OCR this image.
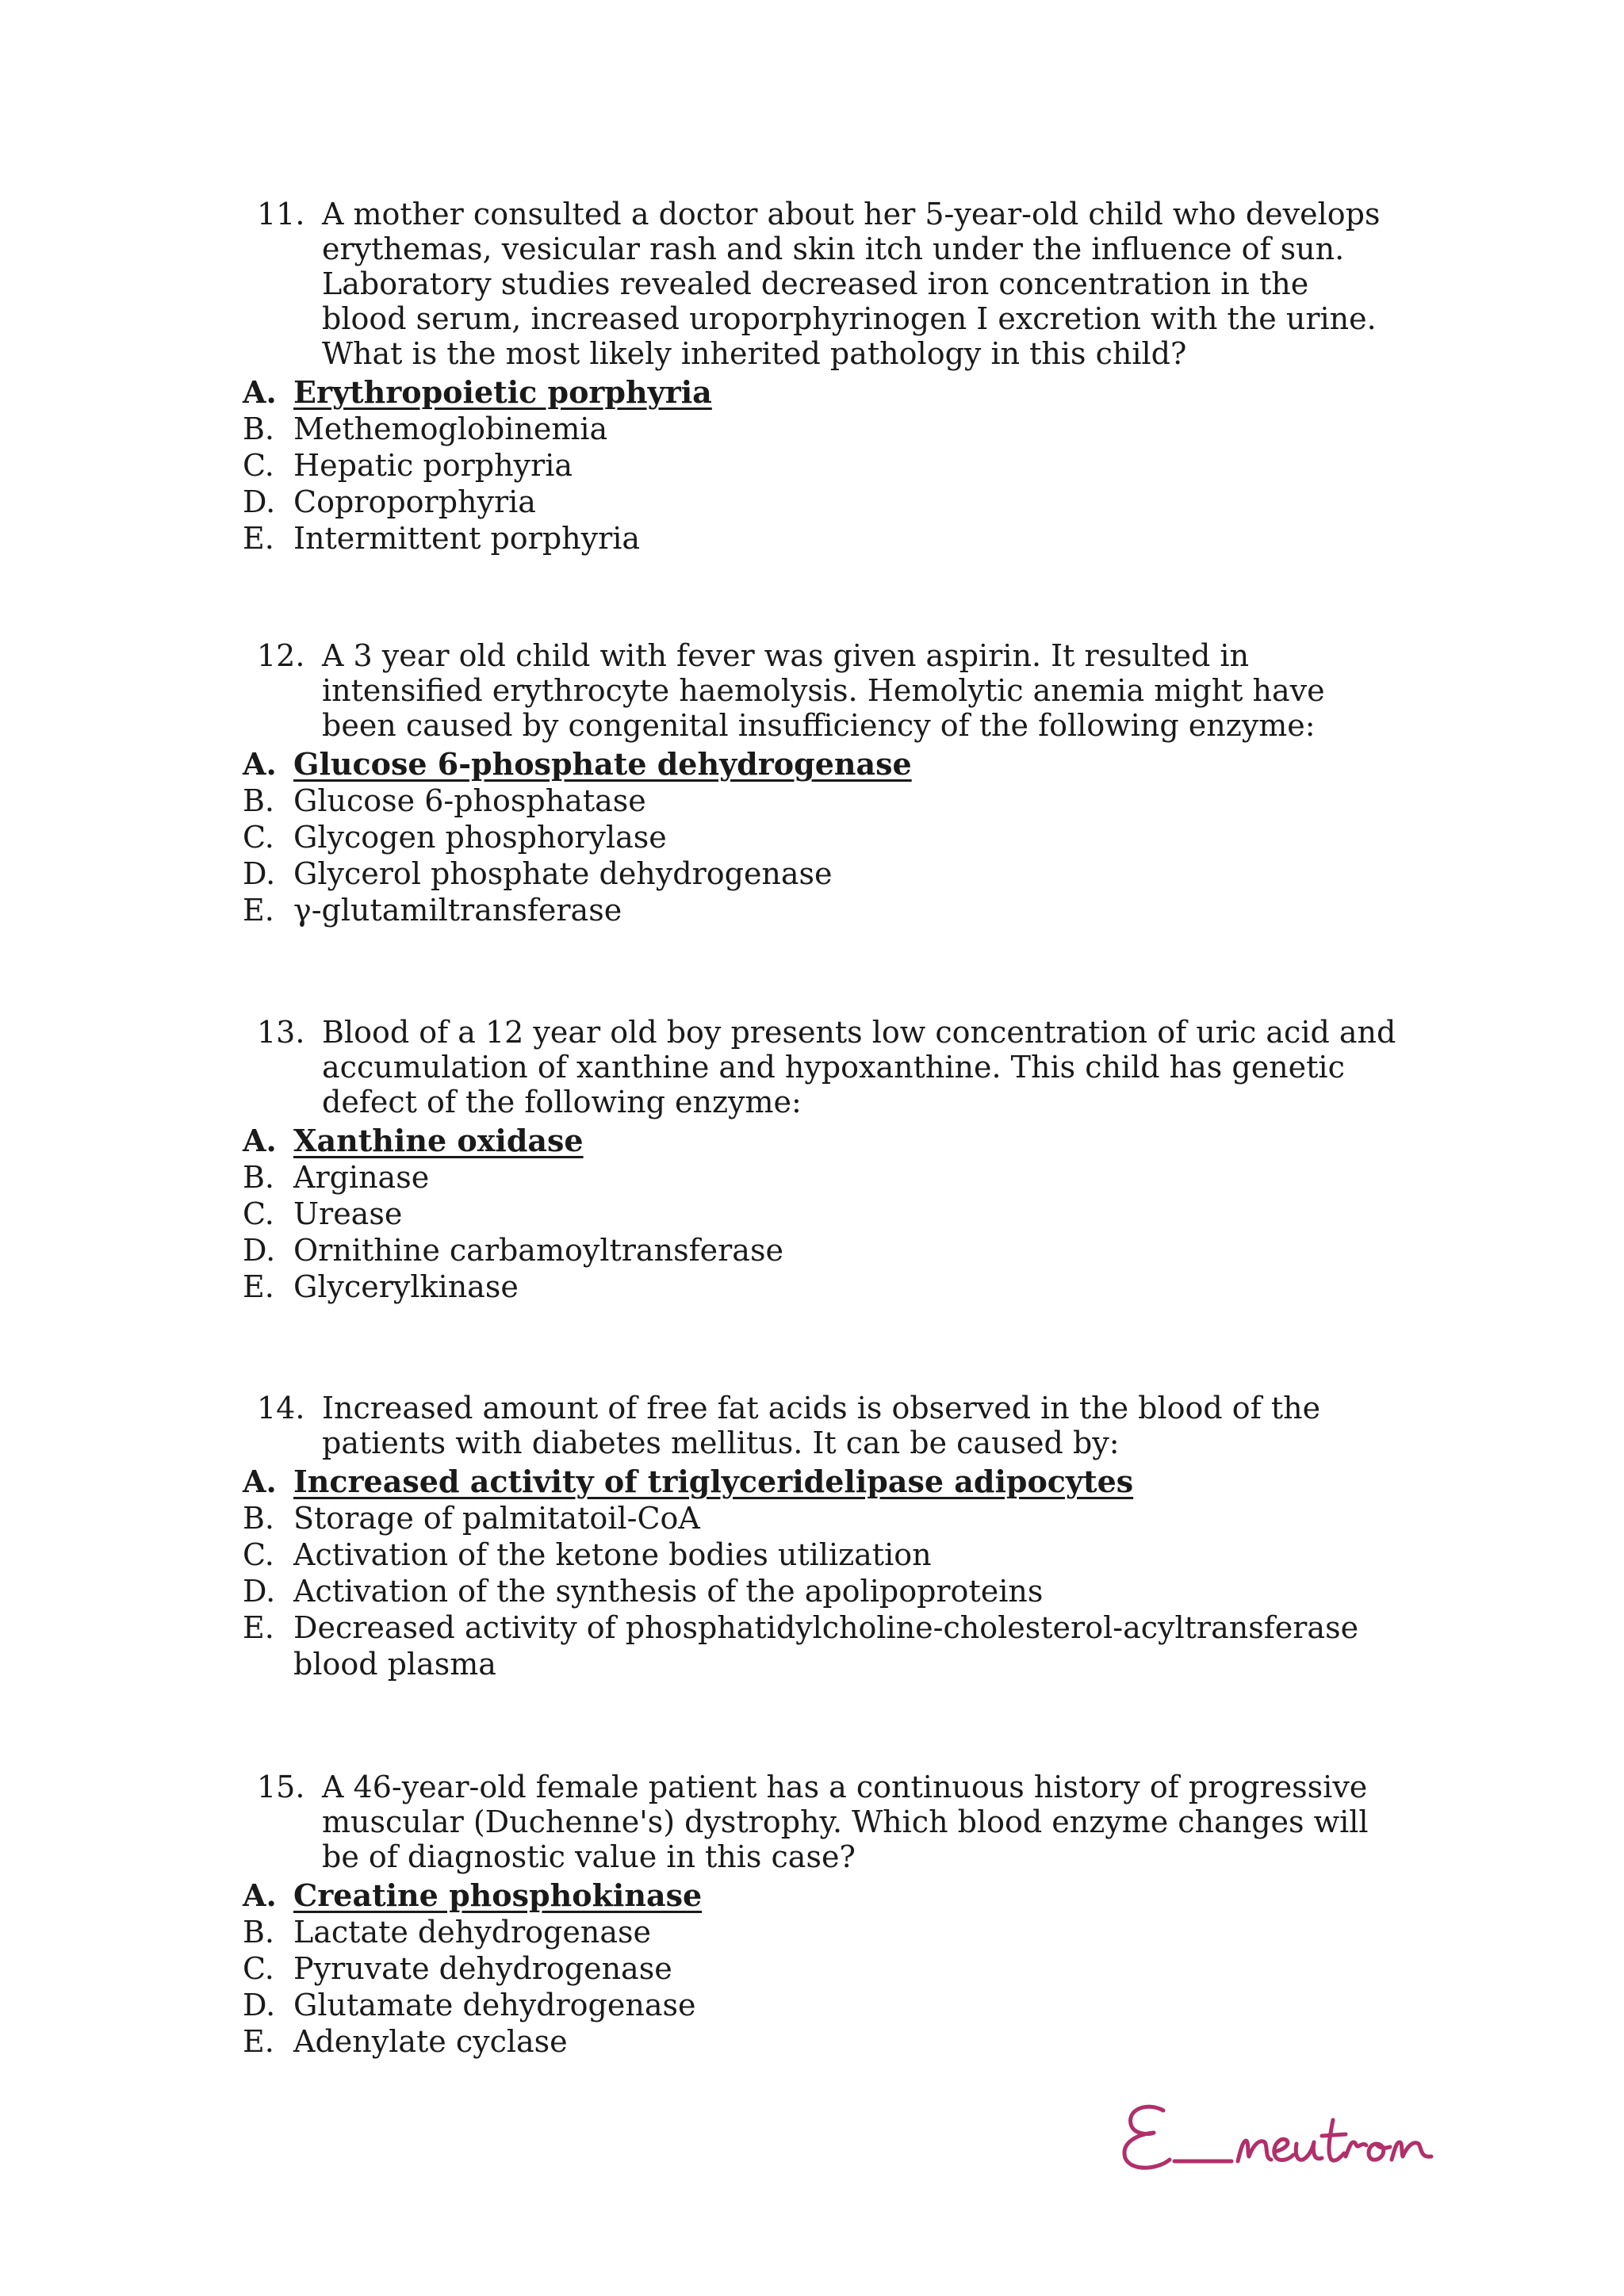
11. A mother consulted a doctor about her 5-year-old child who develops erythemas, vesicular rash and skin itch under the influence of sun. Laboratory studies revealed decreased iron concentration in the blood serum, increased uroporphyrinogen I excretion with the urine. What is the most likely inherited pathology in this child?
A. Erythropoietic porphyria
B. Methemoglobinemia
C. Hepatic porphyria
D. Coproporphyria
E. Intermittent porphyria
12. A 3 year old child with fever was given aspirin. It resulted in intensified erythrocyte haemolysis. Hemolytic anemia might have been caused by congenital insufficiency of the following enzyme:
A. Glucose 6-phosphate dehydrogenase
B. Glucose 6-phosphatase
C. Glycogen phosphorylase
D. Glycerol phosphate dehydrogenase
E. γ-glutamiltransferase
13. Blood of a 12 year old boy presents low concentration of uric acid and accumulation of xanthine and hypoxanthine. This child has genetic defect of the following enzyme:
A. Xanthine oxidase
B. Arginase
C. Urease
D. Ornithine carbamoyltransferase
E. Glycerylkinase
14. Increased amount of free fat acids is observed in the blood of the patients with diabetes mellitus. It can be caused by:
A. Increased activity of triglyceridelipase adipocytes
B. Storage of palmitatoil-CoA
C. Activation of the ketone bodies utilization
D. Activation of the synthesis of the apolipoproteins
E. Decreased activity of phosphatidylcholine-cholesterol-acyltransferase blood plasma
15. A 46-year-old female patient has a continuous history of progressive muscular (Duchenne's) dystrophy. Which blood enzyme changes will be of diagnostic value in this case?
A. Creatine phosphokinase
B. Lactate dehydrogenase
C. Pyruvate dehydrogenase
D. Glutamate dehydrogenase
E. Adenylate cyclase
